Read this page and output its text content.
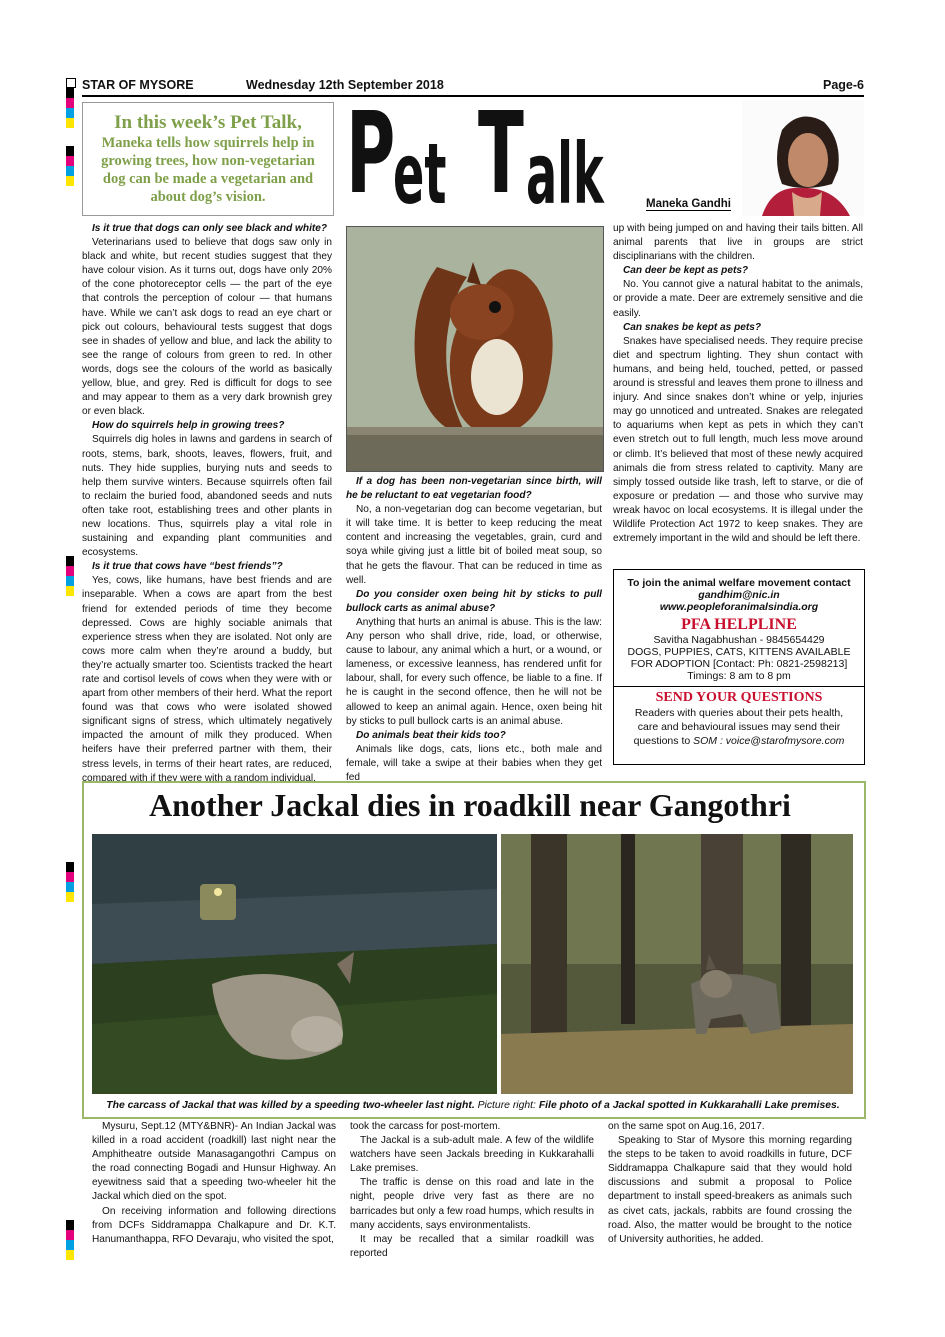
STAR OF MYSORE	Wednesday 12th September 2018	Page-6
In this week’s Pet Talk,
Maneka tells how squirrels help in growing trees, how non-vegetarian dog can be made a vegetarian and about dog’s vision. P
et T alk	Maneka Gandhi

Is it true that dogs can only see black and white?

Veterinarians used to believe that dogs saw only in black and white, but recent studies suggest that they have colour vision. As it turns out, dogs have only 20% of the cone photoreceptor cells — the part of the eye that controls the perception of colour — that humans have. While we can’t ask dogs to read an eye chart or pick out colours, behavioural tests suggest that dogs see in shades of yellow and blue, and lack the ability to see the range of colours from green to red. In other words, dogs see the colours of the world as basically yellow, blue, and grey. Red is difficult for dogs to see and may appear to them as a very dark brownish grey or even black.

How do squirrels help in growing trees?

Squirrels dig holes in lawns and gardens in search of roots, stems, bark, shoots, leaves, flowers, fruit, and nuts. They hide supplies, burying nuts and seeds to help them survive winters. Because squirrels often fail to reclaim the buried food, abandoned seeds and nuts often take root, establishing trees and other plants in new locations. Thus, squirrels play a vital role in sustaining and expanding plant communities and ecosystems.

Is it true that cows have “best friends”?

Yes, cows, like humans, have best friends and are inseparable. When a cows are apart from the best friend for extended periods of time they become depressed. Cows are highly sociable animals that experience stress when they are isolated. Not only are cows more calm when they’re around a buddy, but they’re actually smarter too. Scientists tracked the heart rate and cortisol levels of cows when they were with or apart from other members of their herd. What the report found was that cows who were isolated showed significant signs of stress, which ultimately negatively impacted the amount of milk they produced. When heifers have their preferred partner with them, their stress levels, in terms of their heart rates, are reduced, compared with if they were with a random individual.

If a dog has been non-vegetarian since birth, will he be reluctant to eat vegetarian food?

No, a non-vegetarian dog can become vegetarian, but it will take time. It is better to keep reducing the meat content and increasing the vegetables, grain, curd and soya while giving just a little bit of boiled meat soup, so that he gets the flavour. That can be reduced in time as well.

Do you consider oxen being hit by sticks to pull bullock carts as animal abuse?

Anything that hurts an animal is abuse. This is the law: Any person who shall drive, ride, load, or otherwise, cause to labour, any animal which a hurt, or a wound, or lameness, or excessive leanness, has rendered unfit for labour, shall, for every such offence, be liable to a fine. If he is caught in the second offence, then he will not be allowed to keep an animal again. Hence, oxen being hit by sticks to pull bullock carts is an animal abuse.

Do animals beat their kids too?

Animals like dogs, cats, lions etc., both male and female, will take a swipe at their babies when they get fed

up with being jumped on and having their tails bitten. All animal parents that live in groups are strict disciplinarians with the children.

Can deer be kept as pets?

No. You cannot give a natural habitat to the animals, or provide a mate. Deer are extremely sensitive and die easily.

Can snakes be kept as pets?

Snakes have specialised needs. They require precise diet and spectrum lighting. They shun contact with humans, and being held, touched, petted, or passed around is stressful and leaves them prone to illness and injury. And since snakes don’t whine or yelp, injuries may go unnoticed and untreated. Snakes are relegated to aquariums when kept as pets in which they can’t even stretch out to full length, much less move around or climb. It’s believed that most of these newly acquired animals die from stress related to captivity. Many are simply tossed outside like trash, left to starve, or die of exposure or predation — and those who survive may wreak havoc on local ecosystems. It is illegal under the Wildlife Protection Act 1972 to keep snakes. They are extremely important in the wild and should be left there.

To join the animal welfare movement contact
gandhim@nic.in
www.peopleforanimalsindia.org
PFA HELPLINE
Savitha Nagabhushan - 9845654429
DOGS, PUPPIES, CATS, KITTENS AVAILABLE FOR ADOPTION [Contact: Ph: 0821-2598213]
Timings: 8 am to 8 pm
SEND YOUR QUESTIONS
Readers with queries about their pets health, care and behavioural issues may send their questions to SOM : voice@starofmysore.com
Another Jackal dies in roadkill near Gangothri
The carcass of Jackal that was killed by a speeding two-wheeler last night. Picture right: File photo of a Jackal spotted in Kukkarahalli Lake premises.

Mysuru, Sept.12 (MTY&BNR)- An Indian Jackal was killed in a road accident (roadkill) last night near the Amphitheatre outside Manasagangothri Campus on the road connecting Bogadi and Hunsur Highway. An eyewitness said that a speeding two-wheeler hit the Jackal which died on the spot.

On receiving information and following directions from DCFs Siddramappa Chalkapure and Dr. K.T. Hanumanthappa, RFO Devaraju, who visited the spot,

took the carcass for post-mortem.

The Jackal is a sub-adult male. A few of the wildlife watchers have seen Jackals breeding in Kukkarahalli Lake premises.

The traffic is dense on this road and late in the night, people drive very fast as there are no barricades but only a few road humps, which results in many accidents, says environmentalists.

It may be recalled that a similar roadkill was reported

on the same spot on Aug.16, 2017.

Speaking to Star of Mysore this morning regarding the steps to be taken to avoid roadkills in future, DCF Siddramappa Chalkapure said that they would hold discussions and submit a proposal to Police department to install speed-breakers as animals such as civet cats, jackals, rabbits are found crossing the road. Also, the matter would be brought to the notice of University authorities, he added.
